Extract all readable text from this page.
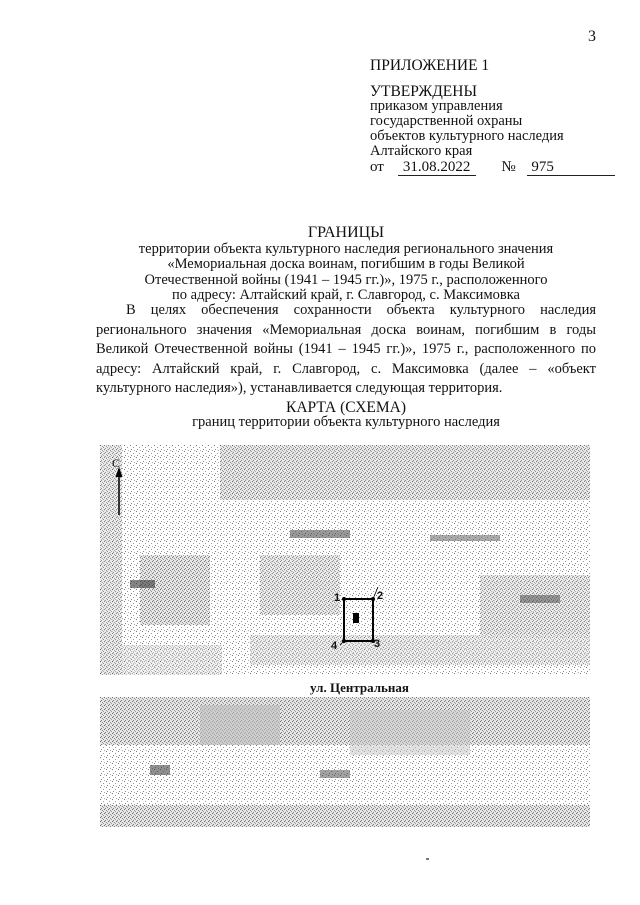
3
ПРИЛОЖЕНИЕ 1
УТВЕРЖДЕНЫ
приказом управления
государственной охраны
объектов культурного наследия
Алтайского края
от 31.08.2022 № 975
ГРАНИЦЫ
территории объекта культурного наследия регионального значения
«Мемориальная доска воинам, погибшим в годы Великой
Отечественной войны (1941 – 1945 гг.)», 1975 г., расположенного
по адресу: Алтайский край, г. Славгород, с. Максимовка
В целях обеспечения сохранности объекта культурного наследия регионального значения «Мемориальная доска воинам, погибшим в годы Великой Отечественной войны (1941 – 1945 гг.)», 1975 г., расположенного по адресу: Алтайский край, г. Славгород, с. Максимовка (далее – «объект культурного наследия»), устанавливается следующая территория.
КАРТА (СХЕМА)
границ территории объекта культурного наследия
С
1	2
3
4
ул. Центральная
